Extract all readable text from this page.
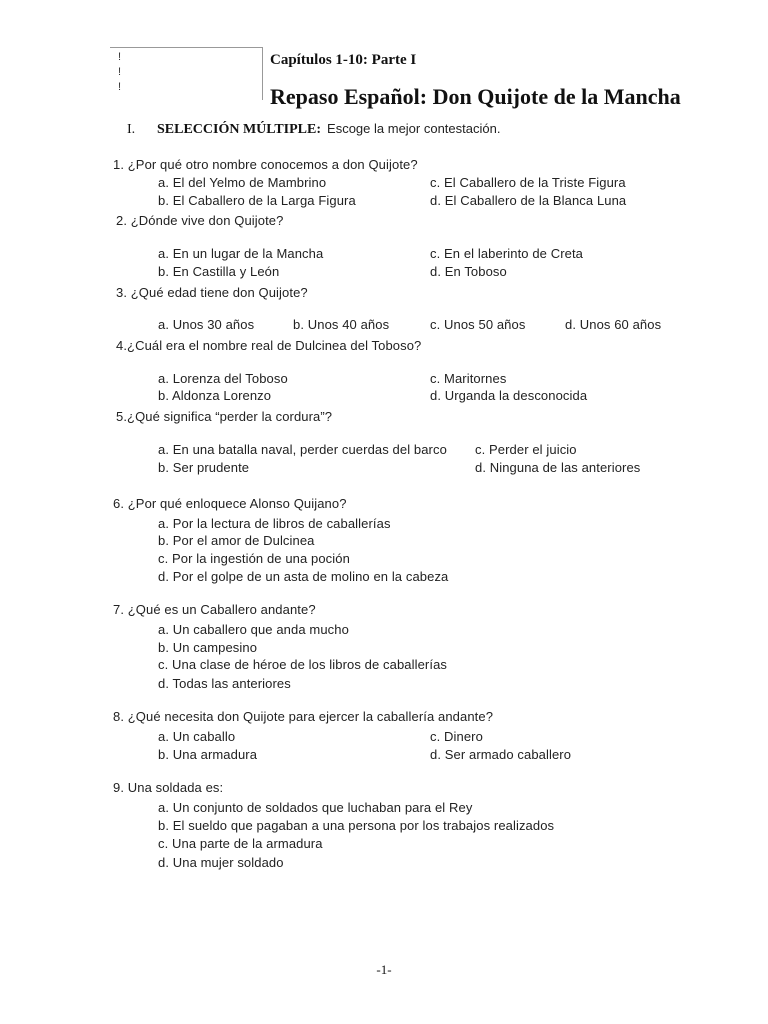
!
!
!
Capítulos 1-10: Parte I
Repaso Español: Don Quijote de la Mancha
I. SELECCIÓN MÚLTIPLE: Escoge la mejor contestación.
1. ¿Por qué otro nombre conocemos a don Quijote?
a. El del Yelmo de Mambrino	c. El Caballero de la Triste Figura
b. El Caballero de la Larga Figura	d. El Caballero de la Blanca Luna
2. ¿Dónde vive don Quijote?
a. En un lugar de la Mancha	c. En el laberinto de Creta
b. En Castilla y León	d. En Toboso
3. ¿Qué edad tiene don Quijote?
a. Unos 30 años	b. Unos 40 años	c. Unos 50 años	d. Unos 60 años
4.¿Cuál era el nombre real de Dulcinea del Toboso?
a. Lorenza del Toboso	c. Maritornes
b. Aldonza Lorenzo	d. Urganda la desconocida
5.¿Qué significa “perder la cordura”?
a. En una batalla naval, perder cuerdas del barco c. Perder el juicio
b. Ser prudente	d. Ninguna de las anteriores
6. ¿Por qué enloquece Alonso Quijano?
a. Por la lectura de libros de caballerías
b. Por el amor de Dulcinea
c. Por la ingestión de una poción
d. Por el golpe de un asta de molino en la cabeza
7. ¿Qué es un Caballero andante?
a. Un caballero que anda mucho
b. Un campesino
c. Una clase de héroe de los libros de caballerías
d. Todas las anteriores
8. ¿Qué necesita don Quijote para ejercer la caballería andante?
a. Un caballo	c. Dinero
b. Una armadura	d. Ser armado caballero
9. Una soldada es:
a. Un conjunto de soldados que luchaban para el Rey
b. El sueldo que pagaban a una persona por los trabajos realizados
c. Una parte de la armadura
d. Una mujer soldado
-1-
